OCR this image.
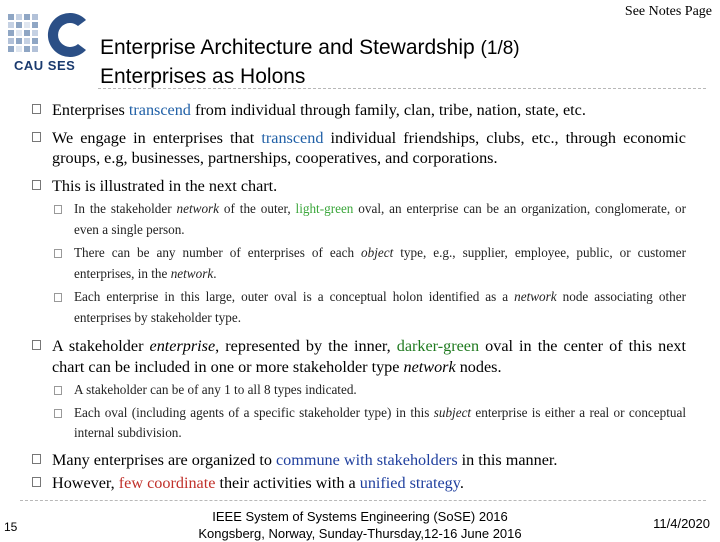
CAU SES
See Notes Page
Enterprise Architecture and Stewardship (1/8)
Enterprises as Holons
Enterprises transcend from individual through family, clan, tribe, nation, state, etc.
We engage in enterprises that transcend individual friendships, clubs, etc., through economic groups, e.g, businesses, partnerships, cooperatives, and corporations.
This is illustrated in the next chart.
In the stakeholder network of the outer, light-green oval, an enterprise can be an organization, conglomerate, or even a single person.
There can be any number of enterprises of each object type, e.g., supplier, employee, public, or customer enterprises, in the network.
Each enterprise in this large, outer oval is a conceptual holon identified as a network node associating other enterprises by stakeholder type.
A stakeholder enterprise, represented by the inner, darker-green oval in the center of this next chart can be included in one or more stakeholder type network nodes.
A stakeholder can be of any 1 to all 8 types indicated.
Each oval (including agents of a specific stakeholder type) in this subject enterprise is either a real or conceptual internal subdivision.
Many enterprises are organized to commune with stakeholders in this manner.
However, few coordinate their activities with a unified strategy.
15
IEEE System of Systems Engineering (SoSE) 2016
Kongsberg, Norway, Sunday-Thursday,12-16 June 2016
11/4/2020
